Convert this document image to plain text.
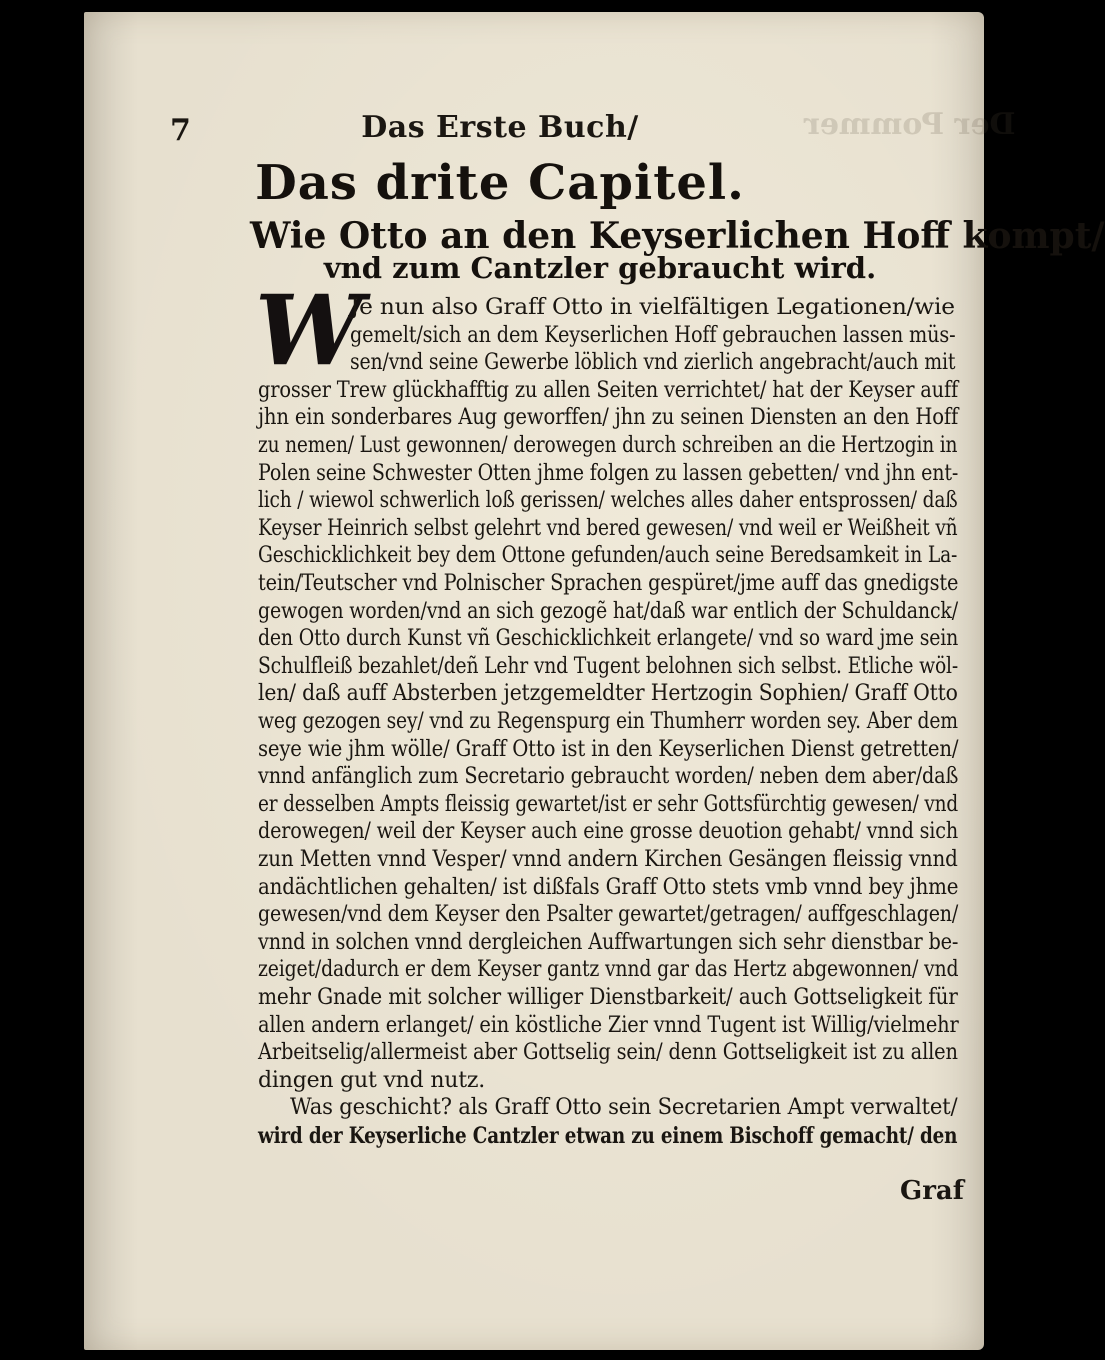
Der Pommer
7	Das Erste Buch/
Das drite Capitel.
Wie Otto an den Keyserlichen Hoff kompt/
vnd zum Cantzler gebraucht wird.
W
Je nun also Graff Otto in vielfältigen Legationen/wie
gemelt/sich an dem Keyserlichen Hoff gebrauchen lassen müs-
sen/vnd seine Gewerbe löblich vnd zierlich angebracht/auch mit
grosser Trew glückhafftig zu allen Seiten verrichtet/ hat der Keyser auff
jhn ein sonderbares Aug geworffen/ jhn zu seinen Diensten an den Hoff
zu nemen/ Lust gewonnen/ derowegen durch schreiben an die Hertzogin in
Polen seine Schwester Otten jhme folgen zu lassen gebetten/ vnd jhn ent-
lich / wiewol schwerlich loß gerissen/ welches alles daher entsprossen/ daß
Keyser Heinrich selbst gelehrt vnd bered gewesen/ vnd weil er Weißheit vñ
Geschicklichkeit bey dem Ottone gefunden/auch seine Beredsamkeit in La-
tein/Teutscher vnd Polnischer Sprachen gespüret/jme auff das gnedigste
gewogen worden/vnd an sich gezogẽ hat/daß war entlich der Schuldanck/
den Otto durch Kunst vñ Geschicklichkeit erlangete/ vnd so ward jme sein
Schulfleiß bezahlet/deñ Lehr vnd Tugent belohnen sich selbst. Etliche wöl-
len/ daß auff Absterben jetzgemeldter Hertzogin Sophien/ Graff Otto
weg gezogen sey/ vnd zu Regenspurg ein Thumherr worden sey. Aber dem
seye wie jhm wölle/ Graff Otto ist in den Keyserlichen Dienst getretten/
vnnd anfänglich zum Secretario gebraucht worden/ neben dem aber/daß
er desselben Ampts fleissig gewartet/ist er sehr Gottsfürchtig gewesen/ vnd
derowegen/ weil der Keyser auch eine grosse deuotion gehabt/ vnnd sich
zun Metten vnnd Vesper/ vnnd andern Kirchen Gesängen fleissig vnnd
andächtlichen gehalten/ ist dißfals Graff Otto stets vmb vnnd bey jhme
gewesen/vnd dem Keyser den Psalter gewartet/getragen/ auffgeschlagen/
vnnd in solchen vnnd dergleichen Auffwartungen sich sehr dienstbar be-
zeiget/dadurch er dem Keyser gantz vnnd gar das Hertz abgewonnen/ vnd
mehr Gnade mit solcher williger Dienstbarkeit/ auch Gottseligkeit für
allen andern erlanget/ ein köstliche Zier vnnd Tugent ist Willig/vielmehr
Arbeitselig/allermeist aber Gottselig sein/ denn Gottseligkeit ist zu allen
dingen gut vnd nutz.
Was geschicht? als Graff Otto sein Secretarien Ampt verwaltet/
wird der Keyserliche Cantzler etwan zu einem Bischoff gemacht/ den
Graf
